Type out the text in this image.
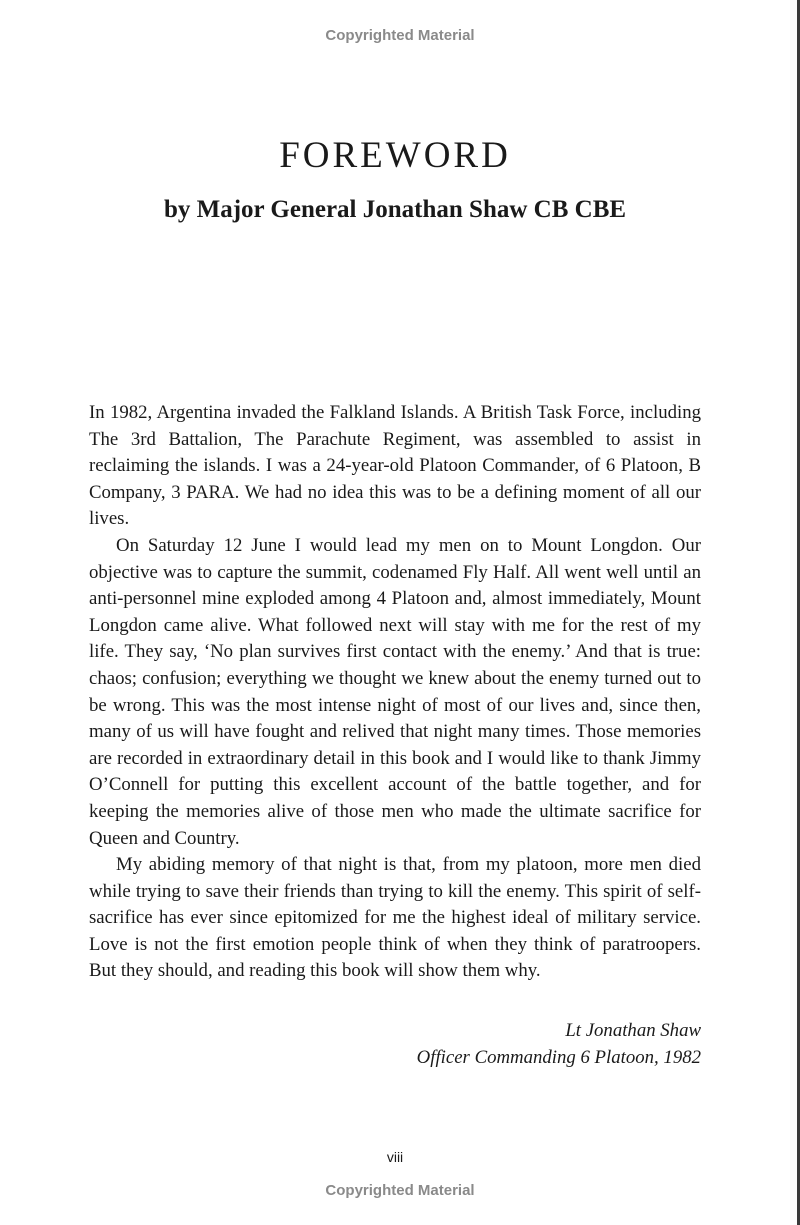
Copyrighted Material
FOREWORD
by Major General Jonathan Shaw CB CBE

In 1982, Argentina invaded the Falkland Islands. A British Task Force, including The 3rd Battalion, The Parachute Regiment, was assembled to assist in reclaiming the islands. I was a 24-year-old Platoon Commander, of 6 Platoon, B Company, 3 PARA. We had no idea this was to be a defining moment of all our lives.

On Saturday 12 June I would lead my men on to Mount Longdon. Our objective was to capture the summit, codenamed Fly Half. All went well until an anti-personnel mine exploded among 4 Platoon and, almost immediately, Mount Longdon came alive. What followed next will stay with me for the rest of my life. They say, ‘No plan survives first contact with the enemy.’ And that is true: chaos; confusion; everything we thought we knew about the enemy turned out to be wrong. This was the most intense night of most of our lives and, since then, many of us will have fought and relived that night many times. Those memories are recorded in extraordinary detail in this book and I would like to thank Jimmy O’Connell for putting this excellent account of the battle together, and for keeping the memories alive of those men who made the ultimate sacrifice for Queen and Country.

My abiding memory of that night is that, from my platoon, more men died while trying to save their friends than trying to kill the enemy. This spirit of self-sacrifice has ever since epitomized for me the highest ideal of military service. Love is not the first emotion people think of when they think of paratroopers. But they should, and reading this book will show them why.

Lt Jonathan Shaw
Officer Commanding 6 Platoon, 1982
viii
Copyrighted Material
